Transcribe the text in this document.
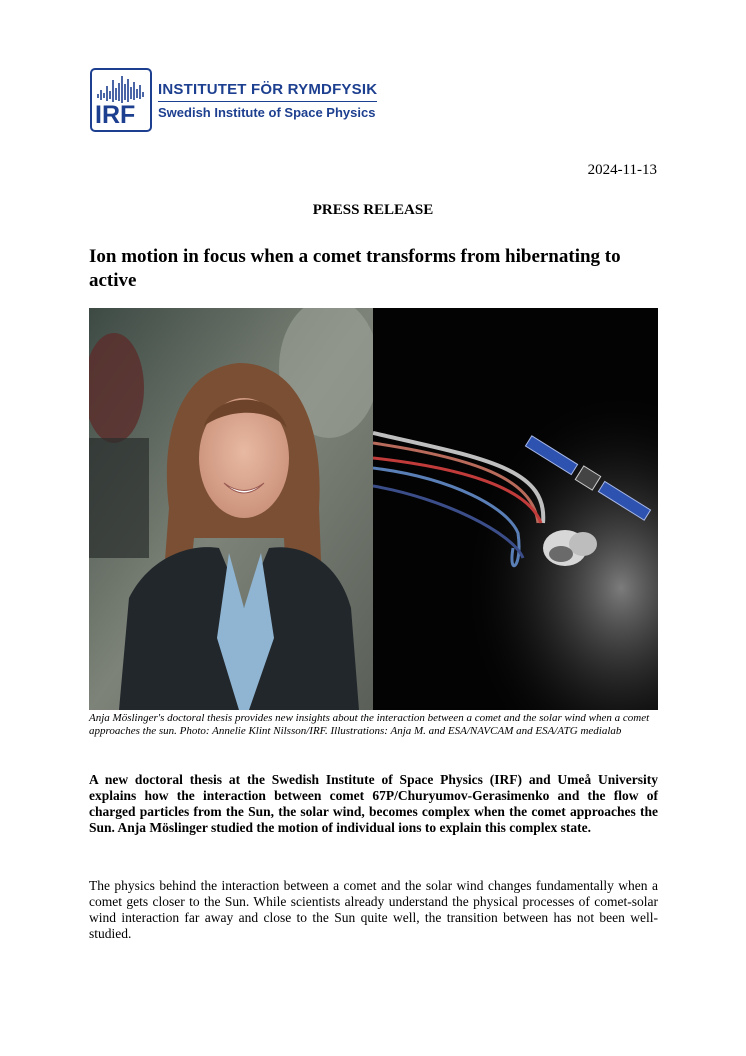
IRF
INSTITUTET FÖR RYMDFYSIK
Swedish Institute of Space Physics
2024-11-13
PRESS RELEASE
Ion motion in focus when a comet transforms from hibernating to active
Anja Möslinger's doctoral thesis provides new insights about the interaction between a comet and the solar wind when a comet approaches the sun. Photo: Annelie Klint Nilsson/IRF. Illustrations: Anja M. and ESA/NAVCAM and ESA/ATG medialab
A new doctoral thesis at the Swedish Institute of Space Physics (IRF) and Umeå University explains how the interaction between comet 67P/Churyumov-Gerasimenko and the flow of charged particles from the Sun, the solar wind, becomes complex when the comet approaches the Sun. Anja Möslinger studied the motion of individual ions to explain this complex state.
The physics behind the interaction between a comet and the solar wind changes fundamentally when a comet gets closer to the Sun. While scientists already understand the physical processes of comet-solar wind interaction far away and close to the Sun quite well, the transition between has not been well-studied.
